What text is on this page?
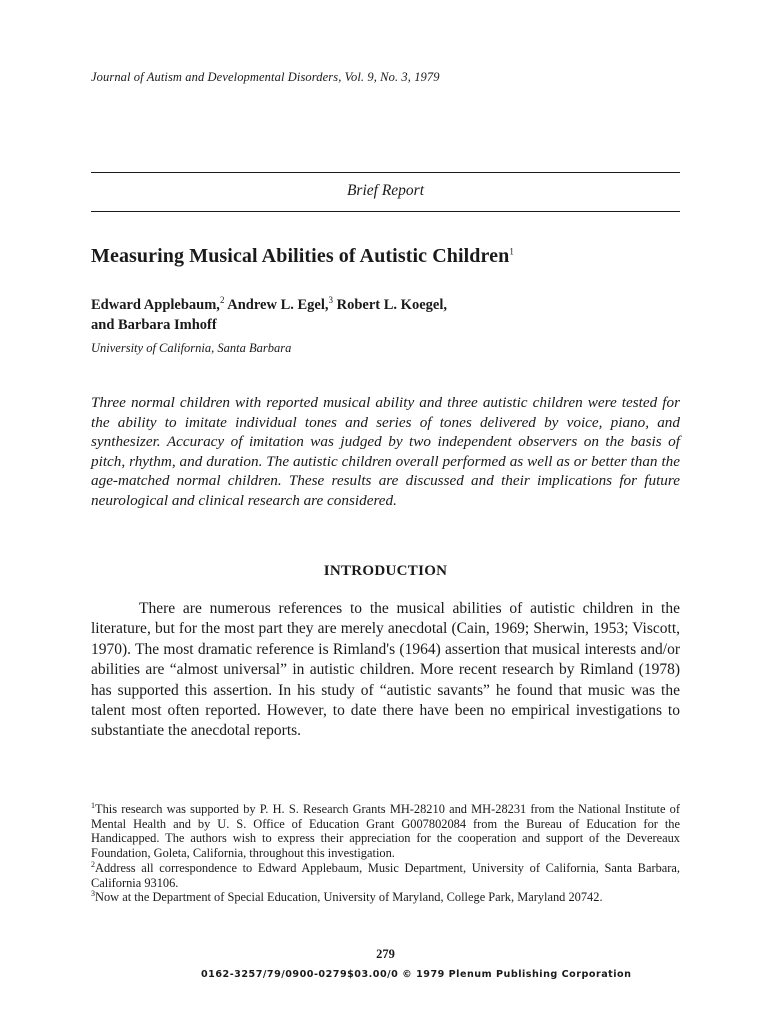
Journal of Autism and Developmental Disorders, Vol. 9, No. 3, 1979
Brief Report
Measuring Musical Abilities of Autistic Children$^1$
Edward Applebaum,$^2$ Andrew L. Egel,$^3$ Robert L. Koegel,
and Barbara Imhoff
University of California, Santa Barbara
Three normal children with reported musical ability and three autistic children were tested for the ability to imitate individual tones and series of tones delivered by voice, piano, and synthesizer. Accuracy of imitation was judged by two independent observers on the basis of pitch, rhythm, and duration. The autistic children overall performed as well as or better than the age-matched normal children. These results are discussed and their implications for future neurological and clinical research are considered.
INTRODUCTION
There are numerous references to the musical abilities of autistic children in the literature, but for the most part they are merely anecdotal (Cain, 1969; Sherwin, 1953; Viscott, 1970). The most dramatic reference is Rimland's (1964) assertion that musical interests and/or abilities are “almost universal” in autistic children. More recent research by Rimland (1978) has supported this assertion. In his study of “autistic savants” he found that music was the talent most often reported. However, to date there have been no empirical investigations to substantiate the anecdotal reports.

$^1$This research was supported by P. H. S. Research Grants MH-28210 and MH-28231 from the National Institute of Mental Health and by U. S. Office of Education Grant G007802084 from the Bureau of Education for the Handicapped. The authors wish to express their appreciation for the cooperation and support of the Devereaux Foundation, Goleta, California, throughout this investigation.

$^2$Address all correspondence to Edward Applebaum, Music Department, University of California, Santa Barbara, California 93106.

$^3$Now at the Department of Special Education, University of Maryland, College Park, Maryland 20742.

279
0162-3257/79/0900-0279$03.00/0 © 1979 Plenum Publishing Corporation
